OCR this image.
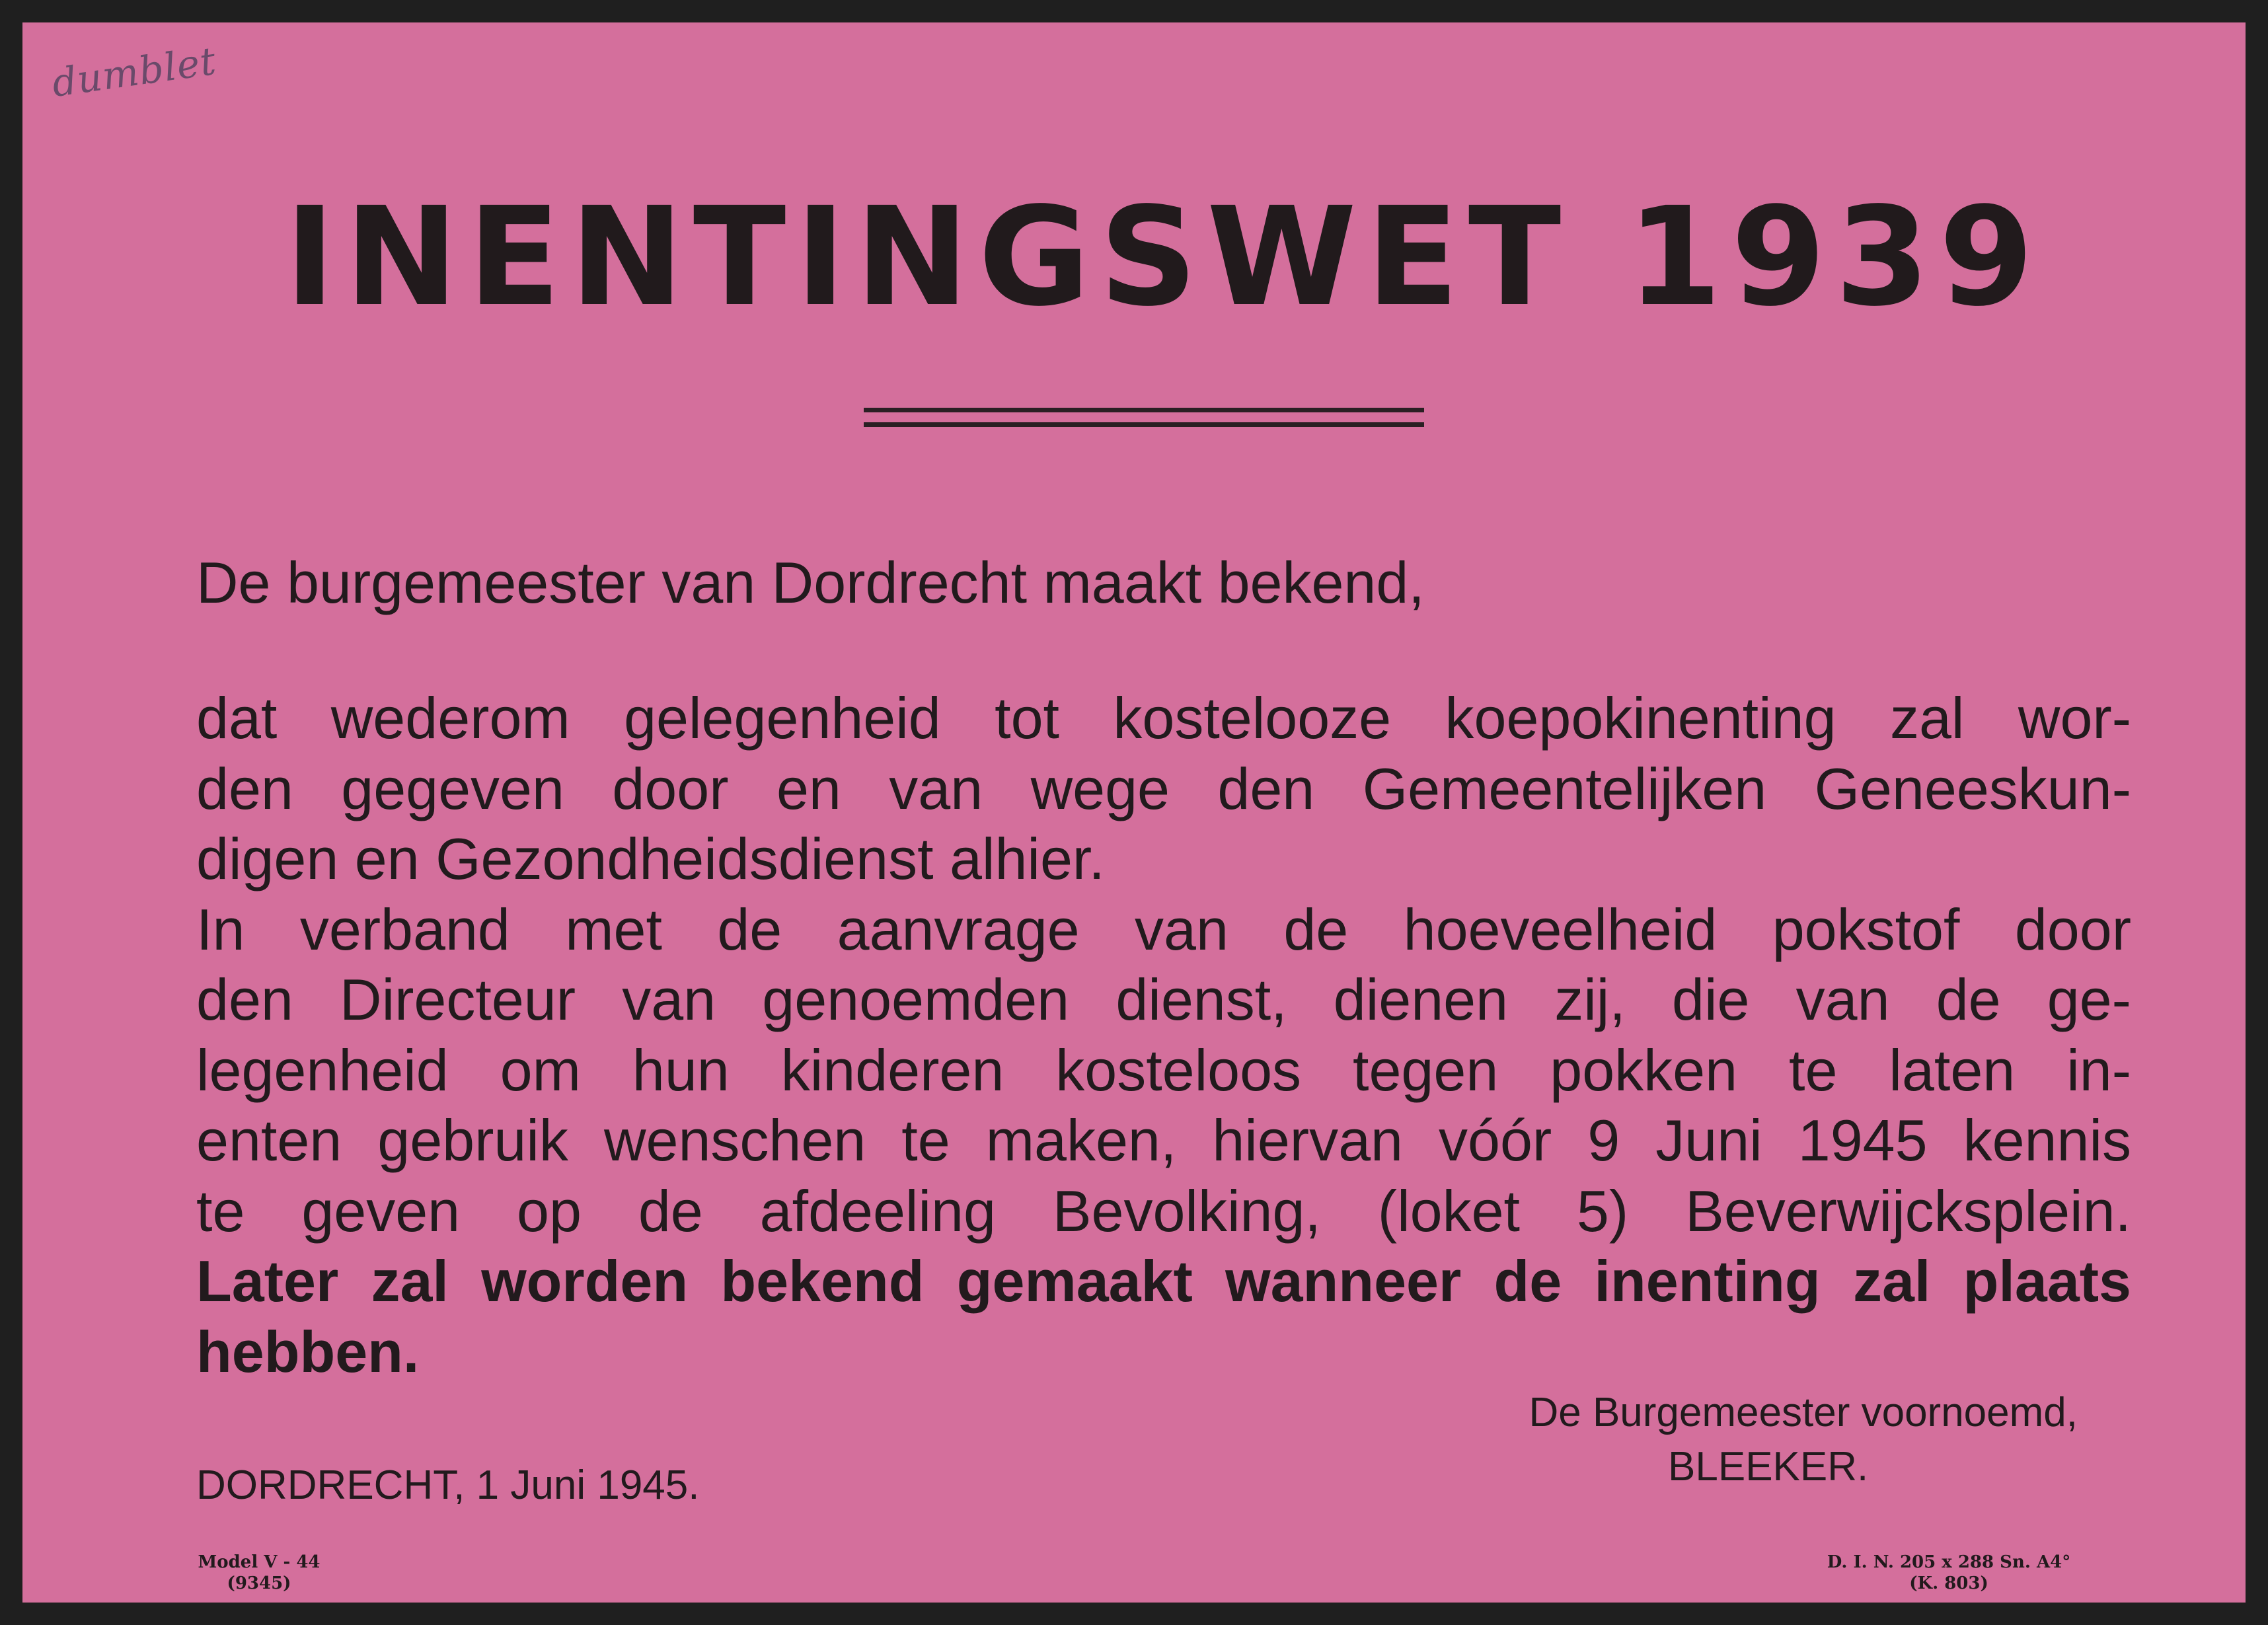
dumblet
INENTINGSWET 1939
De burgemeester van Dordrecht maakt bekend,
dat wederom gelegenheid tot kostelooze koepokinenting zal wor-
den gegeven door en van wege den Gemeentelijken Geneeskun-
digen en Gezondheidsdienst alhier.
In verband met de aanvrage van de hoeveelheid pokstof door
den Directeur van genoemden dienst, dienen zij, die van de ge-
legenheid om hun kinderen kosteloos tegen pokken te laten in-
enten gebruik wenschen te maken, hiervan vóór 9 Juni 1945 kennis
te geven op de afdeeling Bevolking, (loket 5) Beverwijcksplein.
Later zal worden bekend gemaakt wanneer de inenting zal plaats
hebben.
De Burgemeester voornoemd,
BLEEKER.
DORDRECHT, 1 Juni 1945.
Model V - 44
(9345)
D. I. N. 205 x 288 Sn. A4°
(K. 803)
